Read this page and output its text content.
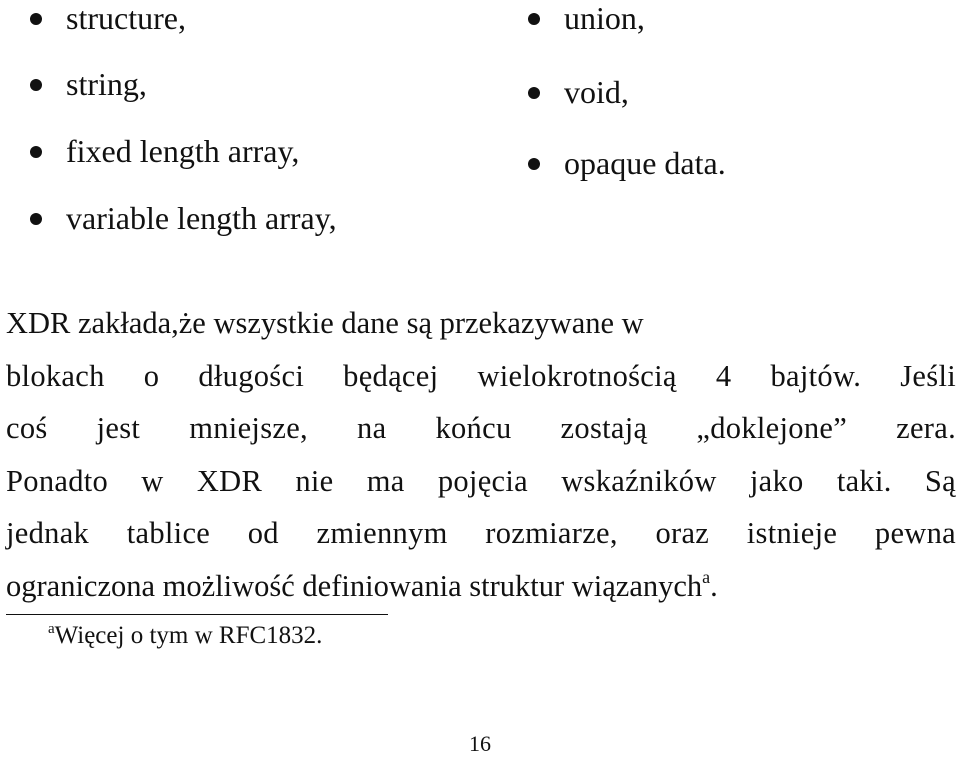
structure,
string,
fixed length array,
variable length array,
union,
void,
opaque data.
XDR zakłada,że wszystkie dane są przekazywane w
blokach o długości będącej wielokrotnością 4 bajtów. Jeśli
coś jest mniejsze, na końcu zostają „doklejone” zera.
Ponadto w XDR nie ma pojęcia wskaźników jako taki. Są
jednak tablice od zmiennym rozmiarze, oraz istnieje pewna
ograniczona możliwość definiowania struktur wiązanych$^a$.
$^a$Więcej o tym w RFC1832.
16
